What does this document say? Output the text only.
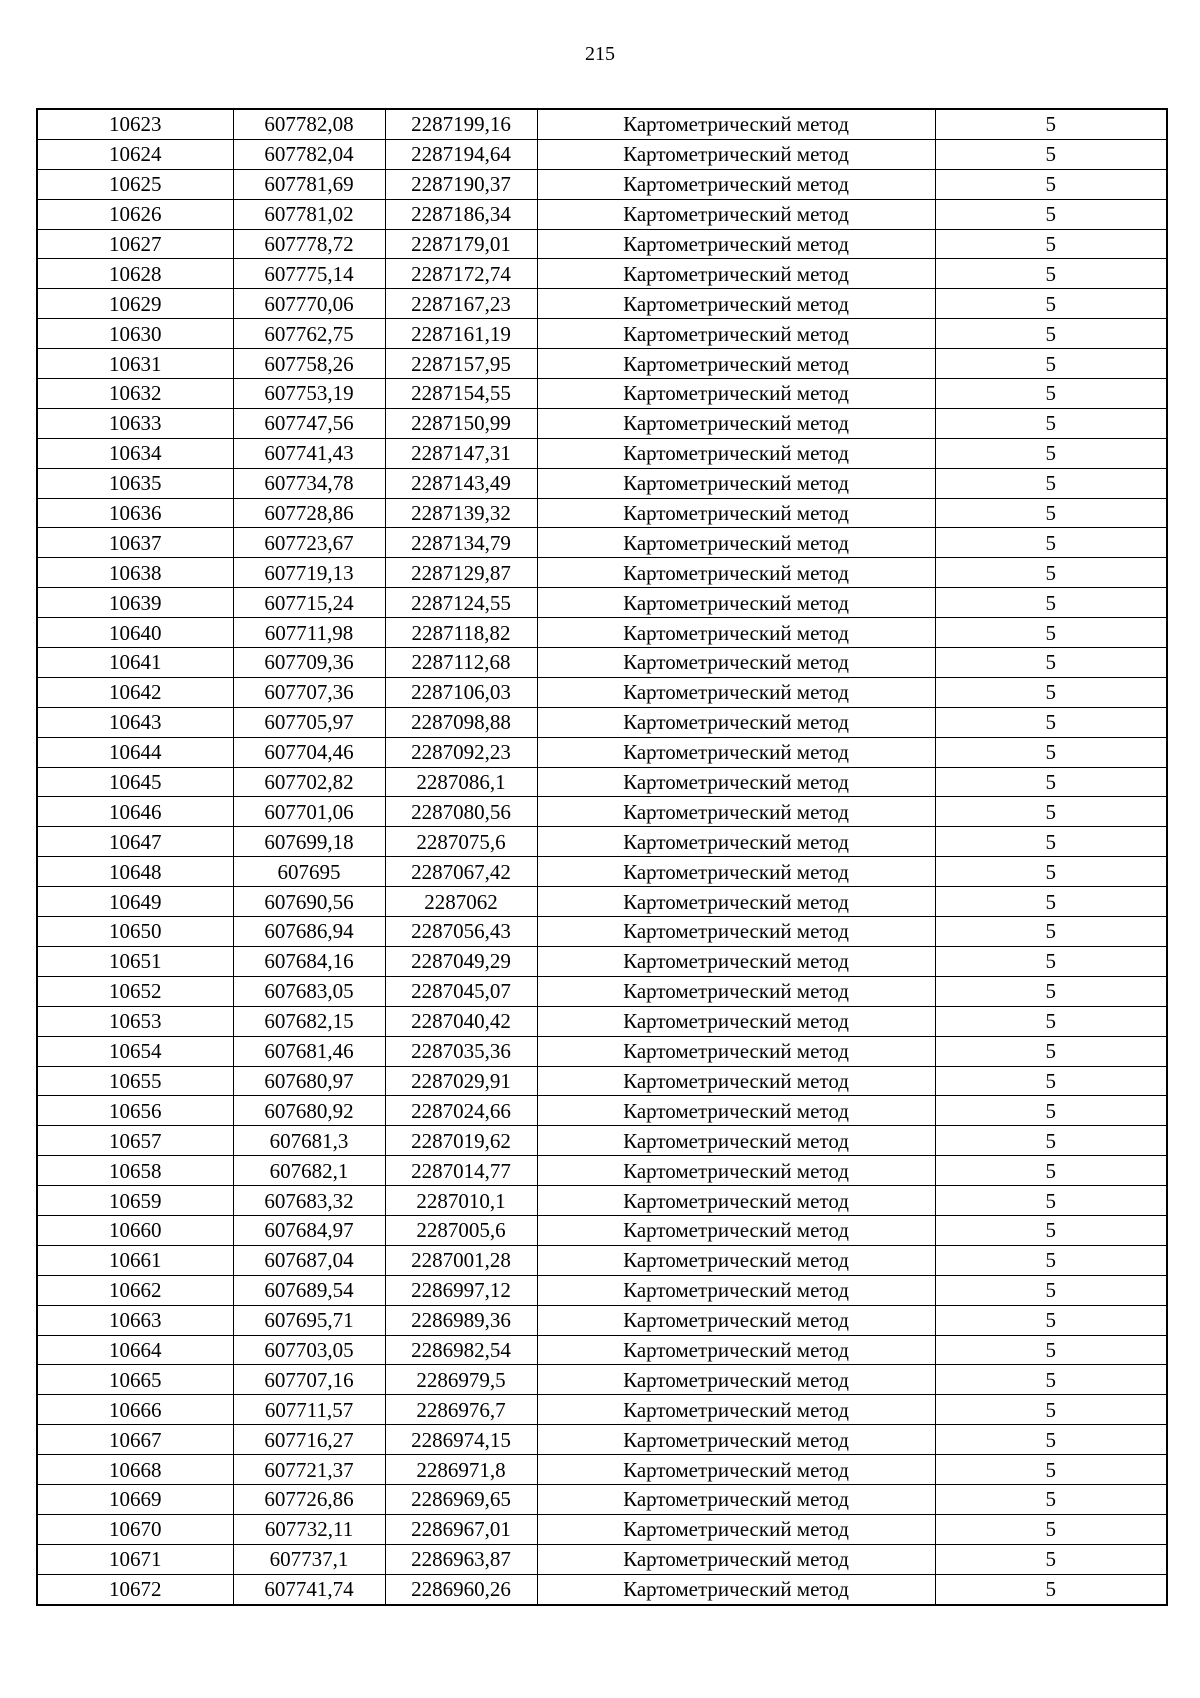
215
10623	607782,08	2287199,16	Картометрический метод	5
10624	607782,04	2287194,64	Картометрический метод	5
10625	607781,69	2287190,37	Картометрический метод	5
10626	607781,02	2287186,34	Картометрический метод	5
10627	607778,72	2287179,01	Картометрический метод	5
10628	607775,14	2287172,74	Картометрический метод	5
10629	607770,06	2287167,23	Картометрический метод	5
10630	607762,75	2287161,19	Картометрический метод	5
10631	607758,26	2287157,95	Картометрический метод	5
10632	607753,19	2287154,55	Картометрический метод	5
10633	607747,56	2287150,99	Картометрический метод	5
10634	607741,43	2287147,31	Картометрический метод	5
10635	607734,78	2287143,49	Картометрический метод	5
10636	607728,86	2287139,32	Картометрический метод	5
10637	607723,67	2287134,79	Картометрический метод	5
10638	607719,13	2287129,87	Картометрический метод	5
10639	607715,24	2287124,55	Картометрический метод	5
10640	607711,98	2287118,82	Картометрический метод	5
10641	607709,36	2287112,68	Картометрический метод	5
10642	607707,36	2287106,03	Картометрический метод	5
10643	607705,97	2287098,88	Картометрический метод	5
10644	607704,46	2287092,23	Картометрический метод	5
10645	607702,82	2287086,1	Картометрический метод	5
10646	607701,06	2287080,56	Картометрический метод	5
10647	607699,18	2287075,6	Картометрический метод	5
10648	607695	2287067,42	Картометрический метод	5
10649	607690,56	2287062	Картометрический метод	5
10650	607686,94	2287056,43	Картометрический метод	5
10651	607684,16	2287049,29	Картометрический метод	5
10652	607683,05	2287045,07	Картометрический метод	5
10653	607682,15	2287040,42	Картометрический метод	5
10654	607681,46	2287035,36	Картометрический метод	5
10655	607680,97	2287029,91	Картометрический метод	5
10656	607680,92	2287024,66	Картометрический метод	5
10657	607681,3	2287019,62	Картометрический метод	5
10658	607682,1	2287014,77	Картометрический метод	5
10659	607683,32	2287010,1	Картометрический метод	5
10660	607684,97	2287005,6	Картометрический метод	5
10661	607687,04	2287001,28	Картометрический метод	5
10662	607689,54	2286997,12	Картометрический метод	5
10663	607695,71	2286989,36	Картометрический метод	5
10664	607703,05	2286982,54	Картометрический метод	5
10665	607707,16	2286979,5	Картометрический метод	5
10666	607711,57	2286976,7	Картометрический метод	5
10667	607716,27	2286974,15	Картометрический метод	5
10668	607721,37	2286971,8	Картометрический метод	5
10669	607726,86	2286969,65	Картометрический метод	5
10670	607732,11	2286967,01	Картометрический метод	5
10671	607737,1	2286963,87	Картометрический метод	5
10672	607741,74	2286960,26	Картометрический метод	5
